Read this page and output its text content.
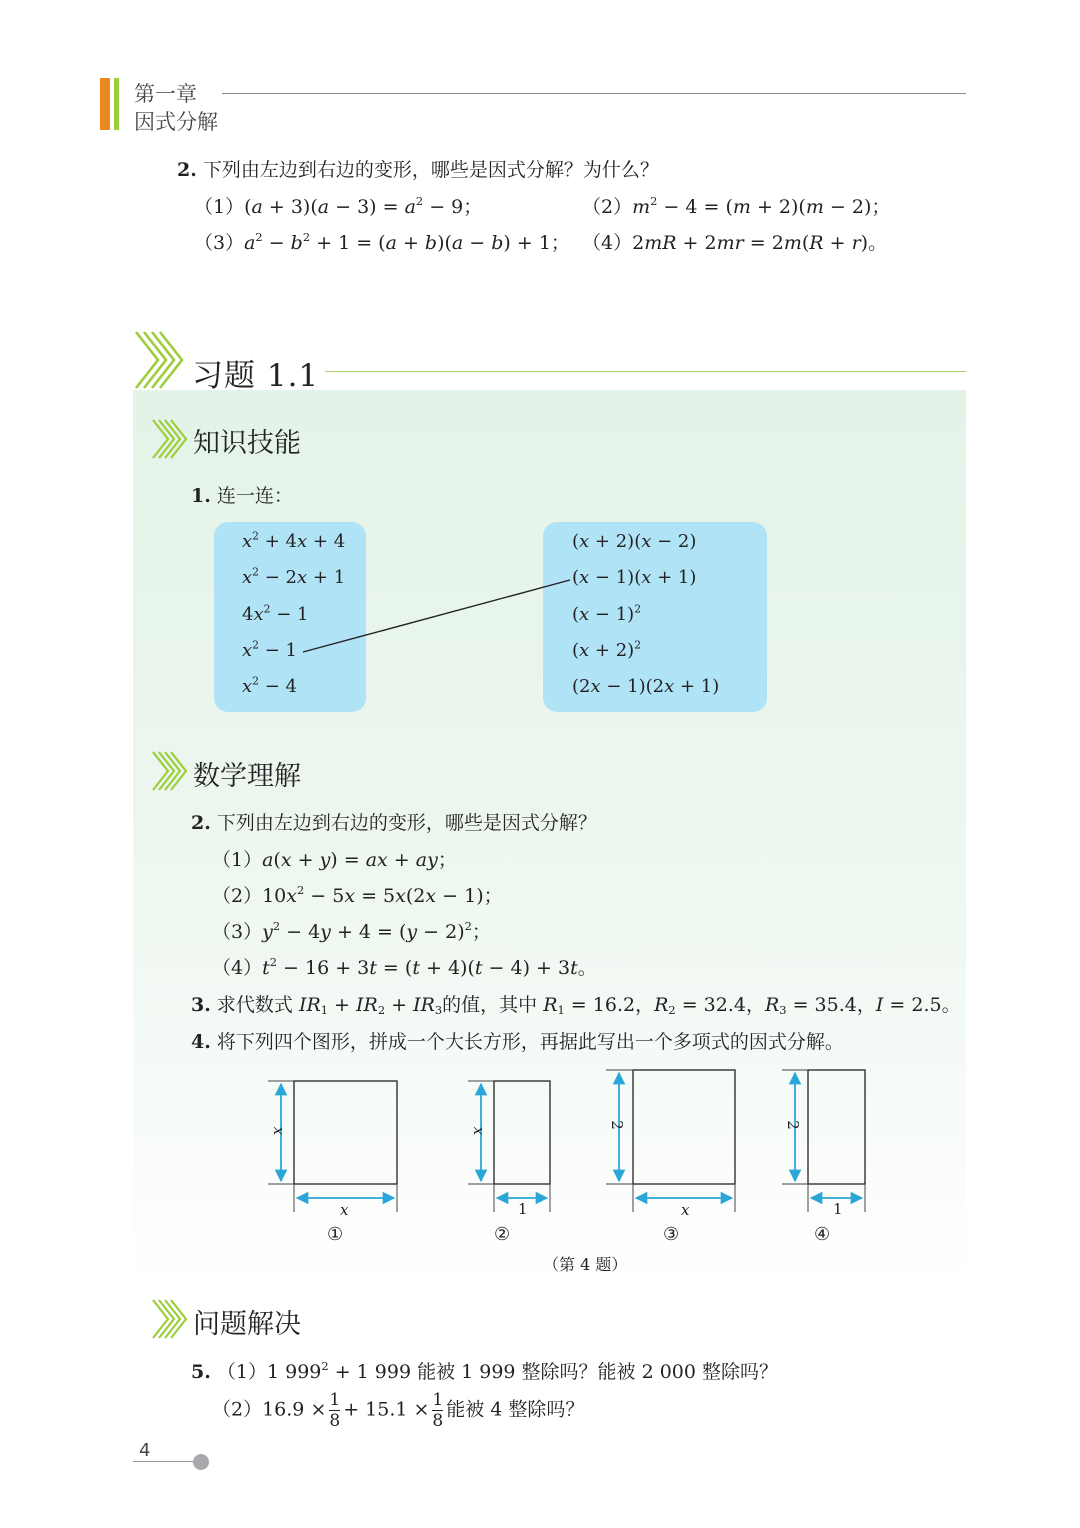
第一章
因式分解
2. 下列由左边到右边的变形，哪些是因式分解？为什么？
$(1)(a + 3)(a - 3) = a^2 - 9$；	$(2)m^2 - 4 = (m + 2)(m - 2)$；
$(3)a^2 - b^2 + 1 = (a + b)(a - b) + 1$； （4）2mR + 2mr = 2m(R + r)。
习题 1.1
知识技能
1. 连一连：
$x^2 + 4x + 4$
$x^2 - 2x + 1$
$4x^2 - 1$
$x^2 - 1$
$x^2 - 4$
(x + 2)(x − 2)
(x − 1)(x + 1)
$(x - 1)^2$
$(x + 2)^2$
(2x − 1)(2x + 1)
数学理解
2. 下列由左边到右边的变形，哪些是因式分解？
（1）a(x + y) = ax + ay；
$(2)10x^2 - 5x = 5x(2x - 1)$；
$(3)y^2 - 4y + 4 = (y - 2)^2$；
$(4)t^2 - 16 + 3t = (t + 4)(t - 4) + 3t$。
3. 求代数式 $IR_1 + IR_2 + IR_3$的值，其中 $R_1 = 16.2$，$R_2 = 32.4$，$R_3 = 35.4$，I = 2.5。
4. 将下列四个图形，拼成一个大长方形，再据此写出一个多项式的因式分解。
x
x
x
1
2
x
2
1
①	②	③	④
（第 4 题）
问题解决
5. （1）1 $999^2 + 1$ 999 能被 1 999 整除吗？能被 2 000 整除吗？
$(2)16.9 \times \frac{1}{8} + 15.1 \times \frac{1}{8}$ 能被 4 整除吗？
4
